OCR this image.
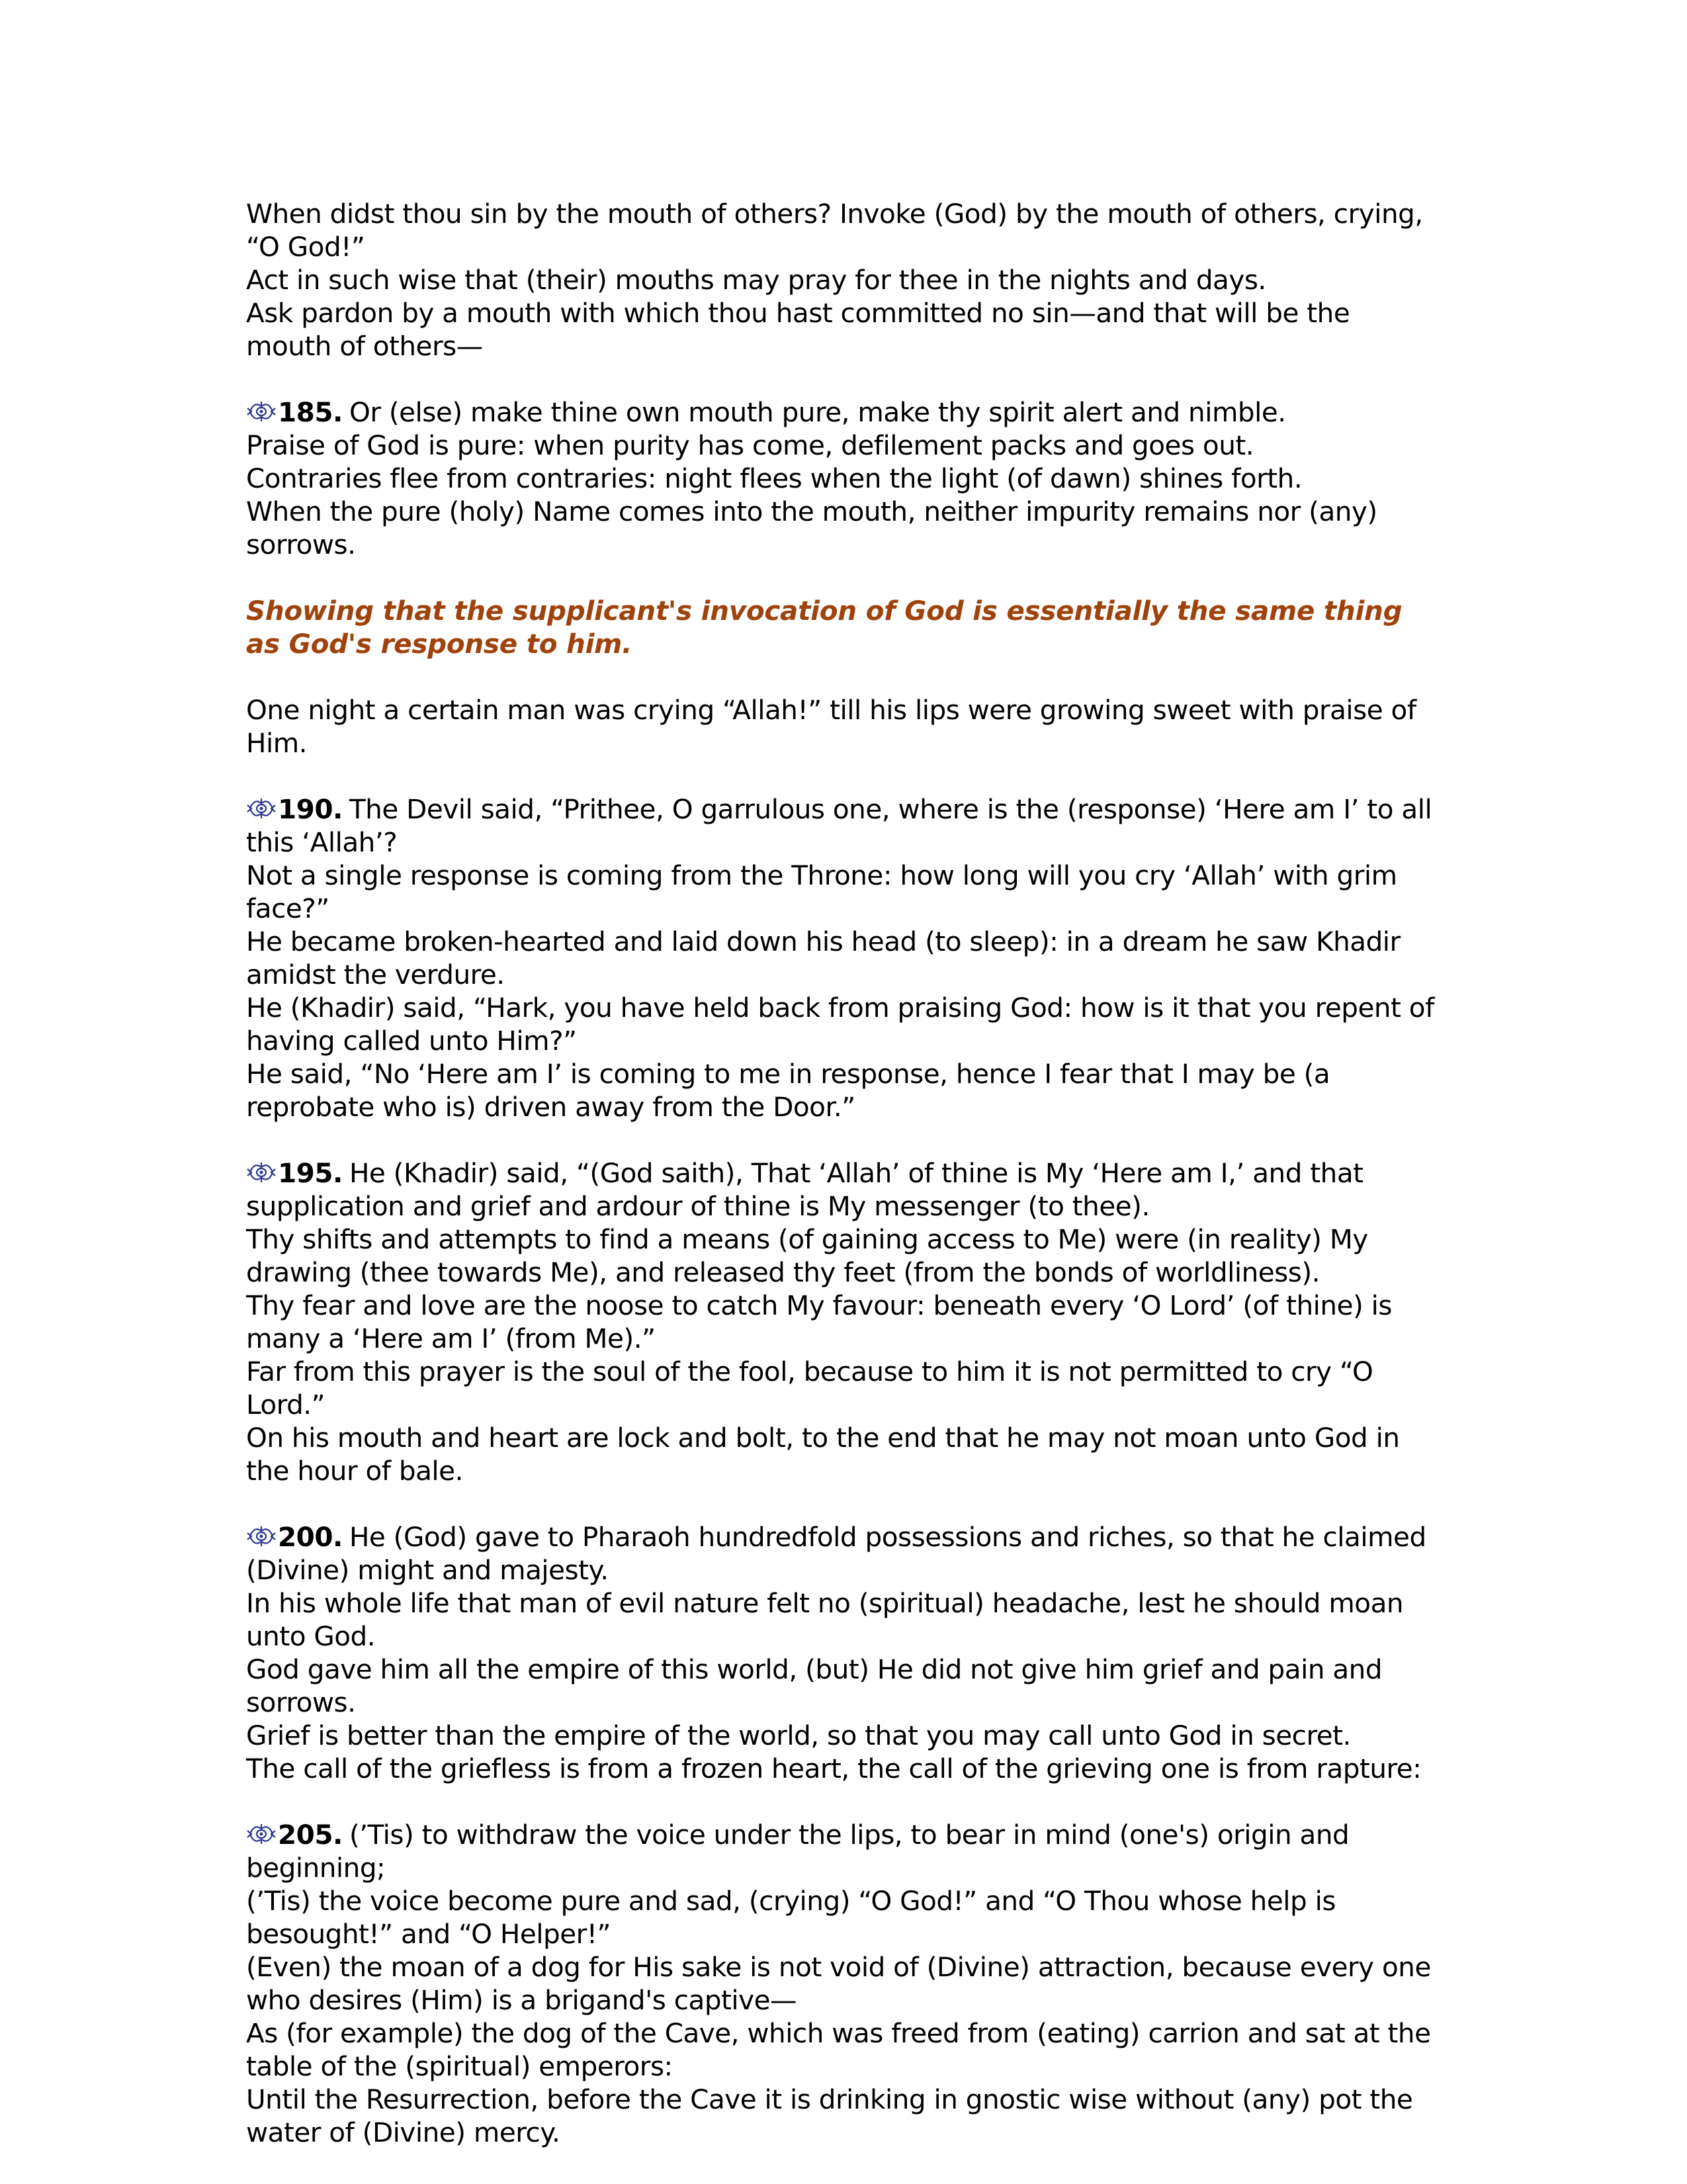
When didst thou sin by the mouth of others? Invoke (God) by the mouth of others, crying, “O God!”
Act in such wise that (their) mouths may pray for thee in the nights and days.
Ask pardon by a mouth with which thou hast committed no sin—and that will be the mouth of others—
185. Or (else) make thine own mouth pure, make thy spirit alert and nimble.
Praise of God is pure: when purity has come, defilement packs and goes out.
Contraries flee from contraries: night flees when the light (of dawn) shines forth.
When the pure (holy) Name comes into the mouth, neither impurity remains nor (any) sorrows.
Showing that the supplicant's invocation of God is essentially the same thing as God's response to him.
One night a certain man was crying “Allah!” till his lips were growing sweet with praise of Him.
190. The Devil said, “Prithee, O garrulous one, where is the (response) ‘Here am I’ to all this ‘Allah’?
Not a single response is coming from the Throne: how long will you cry ‘Allah’ with grim face?”
He became broken-hearted and laid down his head (to sleep): in a dream he saw Khadir amidst the verdure.
He (Khadir) said, “Hark, you have held back from praising God: how is it that you repent of having called unto Him?”
He said, “No ‘Here am I’ is coming to me in response, hence I fear that I may be (a reprobate who is) driven away from the Door.”
195. He (Khadir) said, “(God saith), That ‘Allah’ of thine is My ‘Here am I,’ and that supplication and grief and ardour of thine is My messenger (to thee).
Thy shifts and attempts to find a means (of gaining access to Me) were (in reality) My drawing (thee towards Me), and released thy feet (from the bonds of worldliness).
Thy fear and love are the noose to catch My favour: beneath every ‘O Lord’ (of thine) is many a ‘Here am I’ (from Me).”
Far from this prayer is the soul of the fool, because to him it is not permitted to cry “O Lord.”
On his mouth and heart are lock and bolt, to the end that he may not moan unto God in the hour of bale.
200. He (God) gave to Pharaoh hundredfold possessions and riches, so that he claimed (Divine) might and majesty.
In his whole life that man of evil nature felt no (spiritual) headache, lest he should moan unto God.
God gave him all the empire of this world, (but) He did not give him grief and pain and sorrows.
Grief is better than the empire of the world, so that you may call unto God in secret.
The call of the griefless is from a frozen heart, the call of the grieving one is from rapture:
205. (’Tis) to withdraw the voice under the lips, to bear in mind (one's) origin and beginning;
(’Tis) the voice become pure and sad, (crying) “O God!” and “O Thou whose help is besought!” and “O Helper!”
(Even) the moan of a dog for His sake is not void of (Divine) attraction, because every one who desires (Him) is a brigand's captive—
As (for example) the dog of the Cave, which was freed from (eating) carrion and sat at the table of the (spiritual) emperors:
Until the Resurrection, before the Cave it is drinking in gnostic wise without (any) pot the water of (Divine) mercy.
